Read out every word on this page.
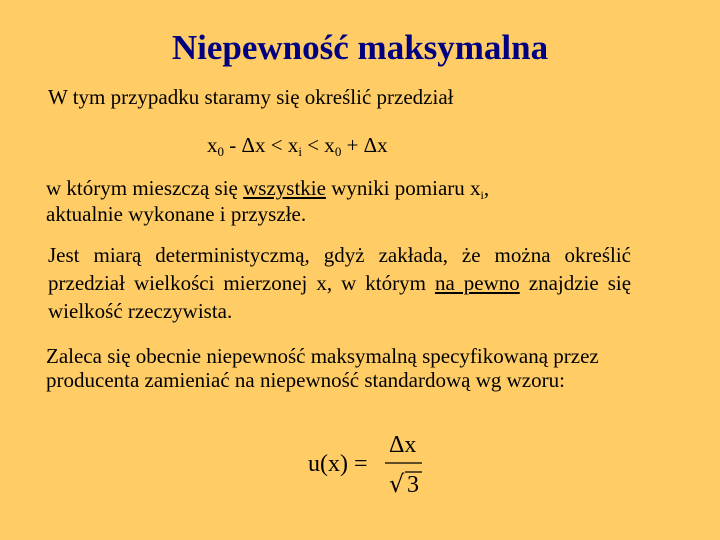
Niepewność maksymalna
W tym przypadku staramy się określić przedział
$x_0 - \Delta x < x_i < x_0 + \Delta x$
w którym mieszczą się wszystkie wyniki pomiaru $x_i$,
aktualnie wykonane i przyszłe.
Jest miarą deterministyczmą, gdyż zakłada, że można określić przedział wielkości mierzonej x, w którym na pewno znajdzie się wielkość rzeczywista.
Zaleca się obecnie niepewność maksymalną specyfikowaną przez producenta zamieniać na niepewność standardową wg wzoru:
u(x) =
Δx
√ 3
